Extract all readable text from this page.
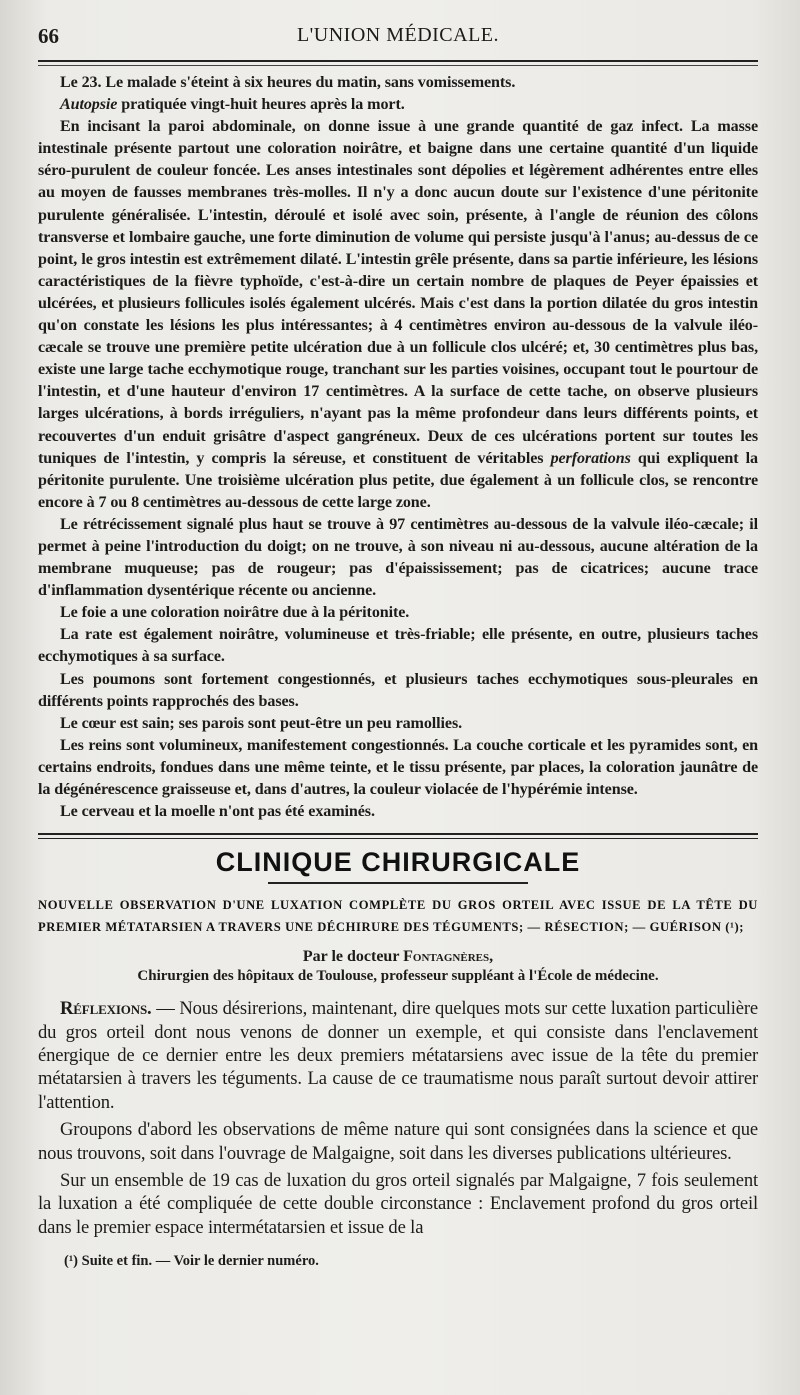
66	L'UNION MÉDICALE.

Le 23. Le malade s'éteint à six heures du matin, sans vomissements.

Autopsie pratiquée vingt-huit heures après la mort.

En incisant la paroi abdominale, on donne issue à une grande quantité de gaz infect. La masse intestinale présente partout une coloration noirâtre, et baigne dans une certaine quantité d'un liquide séro-purulent de couleur foncée. Les anses intestinales sont dépolies et légèrement adhérentes entre elles au moyen de fausses membranes très-molles. Il n'y a donc aucun doute sur l'existence d'une péritonite purulente généralisée. L'intestin, déroulé et isolé avec soin, présente, à l'angle de réunion des côlons transverse et lombaire gauche, une forte diminution de volume qui persiste jusqu'à l'anus; au-dessus de ce point, le gros intestin est extrêmement dilaté. L'intestin grêle présente, dans sa partie inférieure, les lésions caractéristiques de la fièvre typhoïde, c'est-à-dire un certain nombre de plaques de Peyer épaissies et ulcérées, et plusieurs follicules isolés également ulcérés. Mais c'est dans la portion dilatée du gros intestin qu'on constate les lésions les plus intéressantes; à 4 centimètres environ au-dessous de la valvule iléo-cæcale se trouve une première petite ulcération due à un follicule clos ulcéré; et, 30 centimètres plus bas, existe une large tache ecchymotique rouge, tranchant sur les parties voisines, occupant tout le pourtour de l'intestin, et d'une hauteur d'environ 17 centimètres. A la surface de cette tache, on observe plusieurs larges ulcérations, à bords irréguliers, n'ayant pas la même profondeur dans leurs différents points, et recouvertes d'un enduit grisâtre d'aspect gangréneux. Deux de ces ulcérations portent sur toutes les tuniques de l'intestin, y compris la séreuse, et constituent de véritables perforations qui expliquent la péritonite purulente. Une troisième ulcération plus petite, due également à un follicule clos, se rencontre encore à 7 ou 8 centimètres au-dessous de cette large zone.

Le rétrécissement signalé plus haut se trouve à 97 centimètres au-dessous de la valvule iléo-cæcale; il permet à peine l'introduction du doigt; on ne trouve, à son niveau ni au-dessous, aucune altération de la membrane muqueuse; pas de rougeur; pas d'épaississement; pas de cicatrices; aucune trace d'inflammation dysentérique récente ou ancienne.

Le foie a une coloration noirâtre due à la péritonite.

La rate est également noirâtre, volumineuse et très-friable; elle présente, en outre, plusieurs taches ecchymotiques à sa surface.

Les poumons sont fortement congestionnés, et plusieurs taches ecchymotiques sous-pleurales en différents points rapprochés des bases.

Le cœur est sain; ses parois sont peut-être un peu ramollies.

Les reins sont volumineux, manifestement congestionnés. La couche corticale et les pyramides sont, en certains endroits, fondues dans une même teinte, et le tissu présente, par places, la coloration jaunâtre de la dégénérescence graisseuse et, dans d'autres, la couleur violacée de l'hypérémie intense.

Le cerveau et la moelle n'ont pas été examinés.

CLINIQUE CHIRURGICALE

NOUVELLE OBSERVATION D'UNE LUXATION COMPLÈTE DU GROS ORTEIL AVEC ISSUE DE LA TÊTE DU PREMIER MÉTATARSIEN A TRAVERS UNE DÉCHIRURE DES TÉGUMENTS; — RÉSECTION; — GUÉRISON (¹);

Par le docteur Fontagnères,
Chirurgien des hôpitaux de Toulouse, professeur suppléant à l'École de médecine.

Réflexions. — Nous désirerions, maintenant, dire quelques mots sur cette luxation particulière du gros orteil dont nous venons de donner un exemple, et qui consiste dans l'enclavement énergique de ce dernier entre les deux premiers métatarsiens avec issue de la tête du premier métatarsien à travers les téguments. La cause de ce traumatisme nous paraît surtout devoir attirer l'attention.

Groupons d'abord les observations de même nature qui sont consignées dans la science et que nous trouvons, soit dans l'ouvrage de Malgaigne, soit dans les diverses publications ultérieures.

Sur un ensemble de 19 cas de luxation du gros orteil signalés par Malgaigne, 7 fois seulement la luxation a été compliquée de cette double circonstance : Enclavement profond du gros orteil dans le premier espace intermétatarsien et issue de la

(¹) Suite et fin. — Voir le dernier numéro.
